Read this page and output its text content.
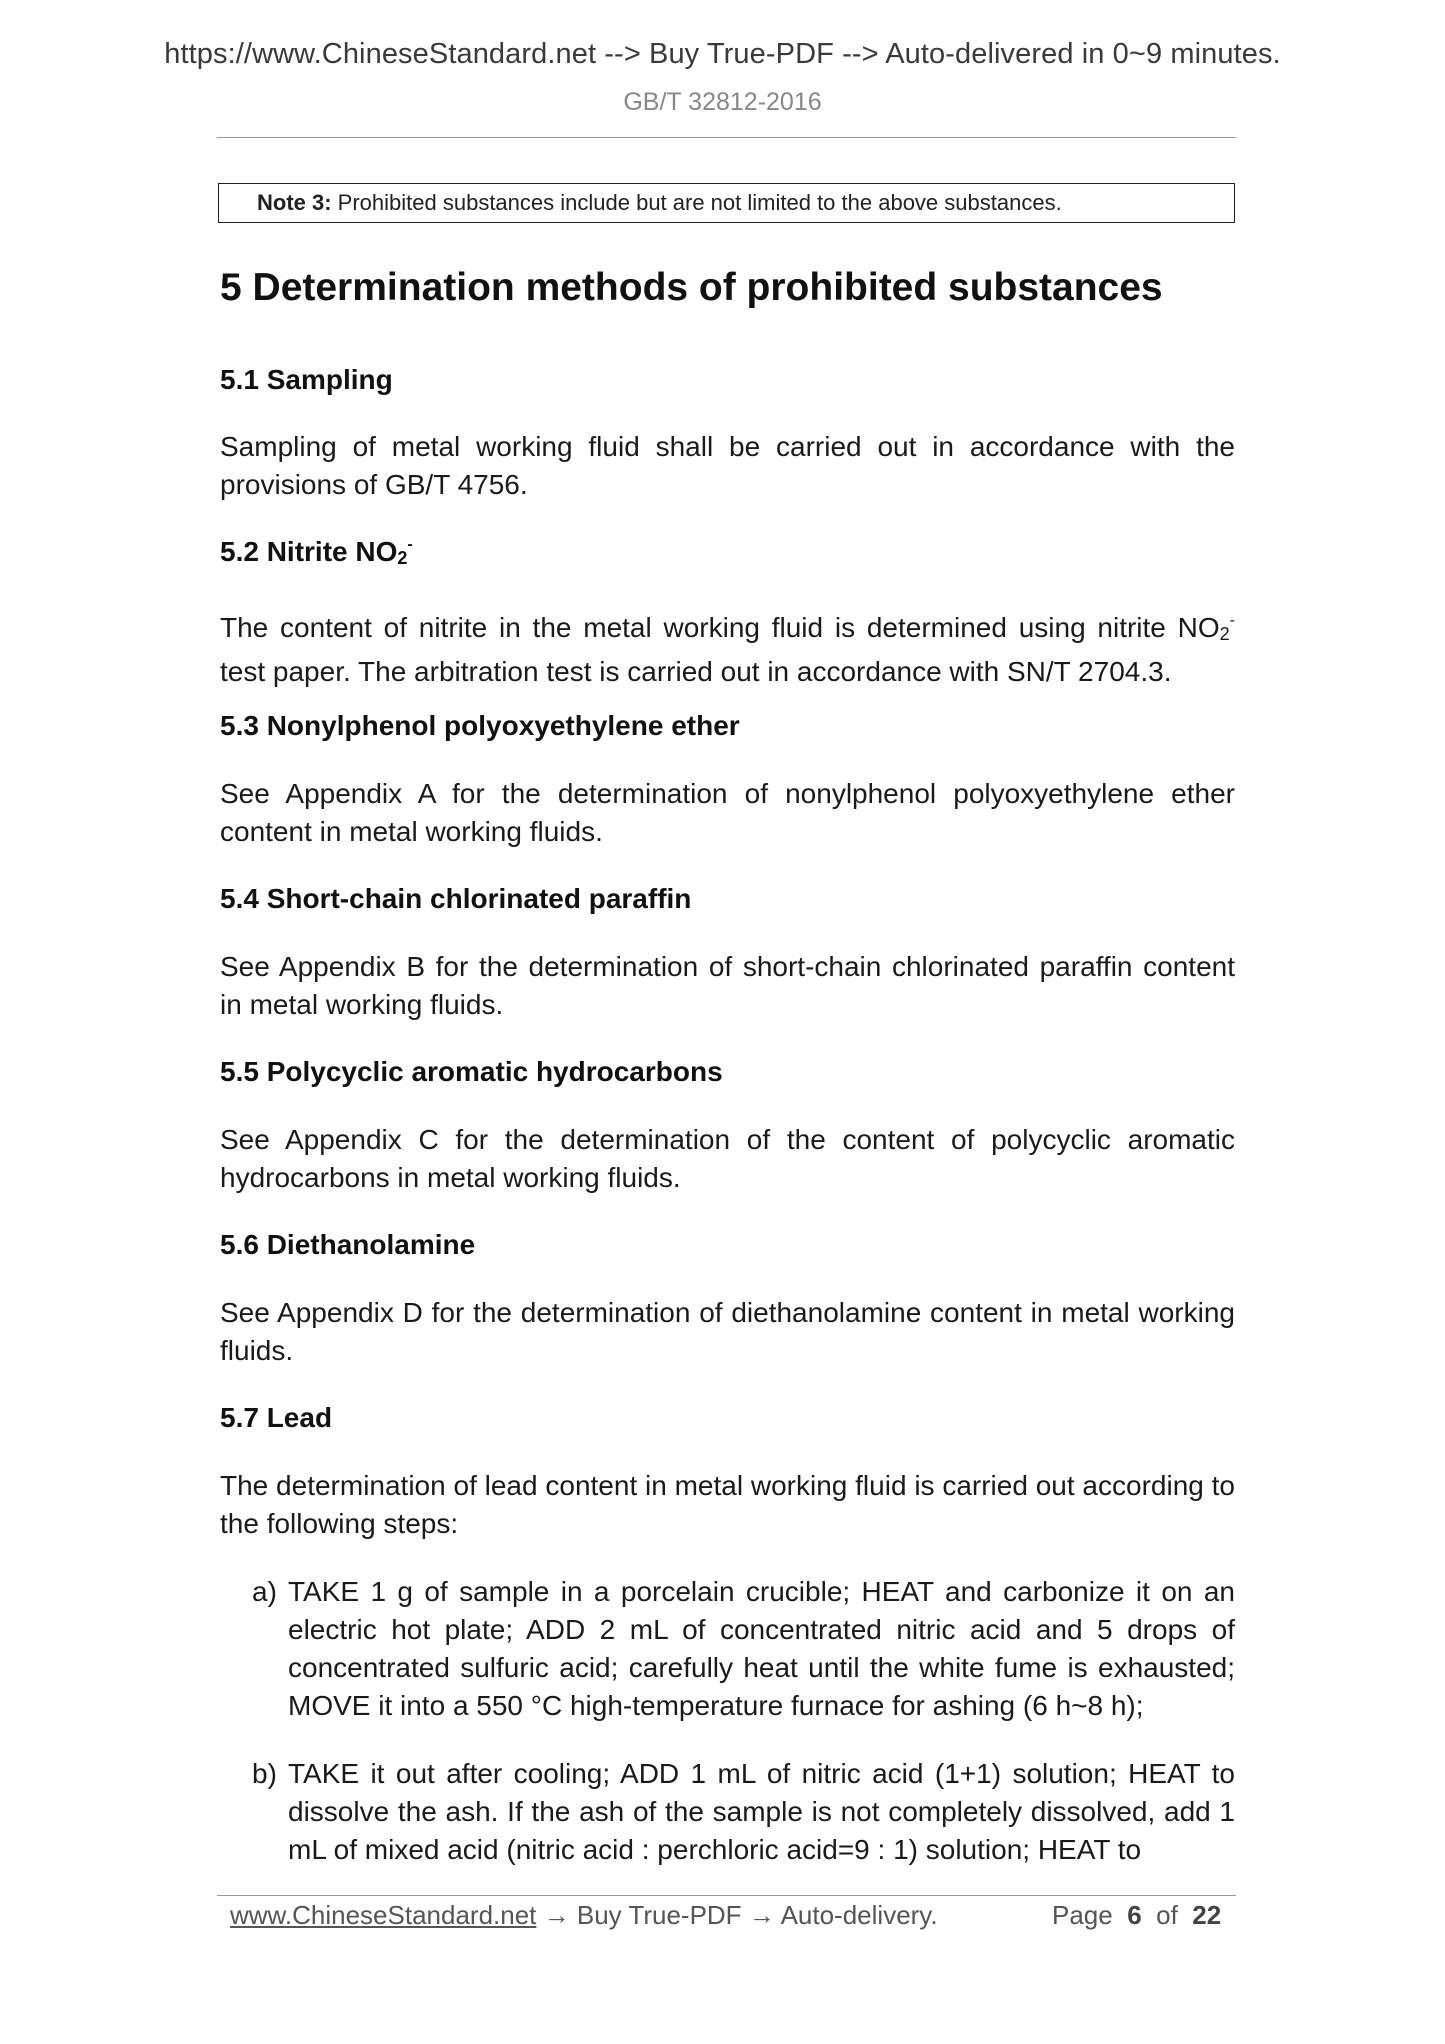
https://www.ChineseStandard.net --> Buy True-PDF --> Auto-delivered in 0~9 minutes.
GB/T 32812-2016
Note 3: Prohibited substances include but are not limited to the above substances.
5 Determination methods of prohibited substances
5.1 Sampling
Sampling of metal working fluid shall be carried out in accordance with the provisions of GB/T 4756.
5.2 Nitrite $NO_2^-$
The content of nitrite in the metal working fluid is determined using nitrite $NO_2^-$ test paper. The arbitration test is carried out in accordance with SN/T 2704.3.
5.3 Nonylphenol polyoxyethylene ether
See Appendix A for the determination of nonylphenol polyoxyethylene ether content in metal working fluids.
5.4 Short-chain chlorinated paraffin
See Appendix B for the determination of short-chain chlorinated paraffin content in metal working fluids.
5.5 Polycyclic aromatic hydrocarbons
See Appendix C for the determination of the content of polycyclic aromatic hydrocarbons in metal working fluids.
5.6 Diethanolamine
See Appendix D for the determination of diethanolamine content in metal working fluids.
5.7 Lead
The determination of lead content in metal working fluid is carried out according to the following steps:
a) TAKE 1 g of sample in a porcelain crucible; HEAT and carbonize it on an electric hot plate; ADD 2 mL of concentrated nitric acid and 5 drops of concentrated sulfuric acid; carefully heat until the white fume is exhausted; MOVE it into a 550 °C high-temperature furnace for ashing (6 h~8 h);
b) TAKE it out after cooling; ADD 1 mL of nitric acid (1+1) solution; HEAT to dissolve the ash. If the ash of the sample is not completely dissolved, add 1 mL of mixed acid (nitric acid : perchloric acid=9 : 1) solution; HEAT to
www.ChineseStandard.net → Buy True-PDF → Auto-delivery.	Page 6 of 22
